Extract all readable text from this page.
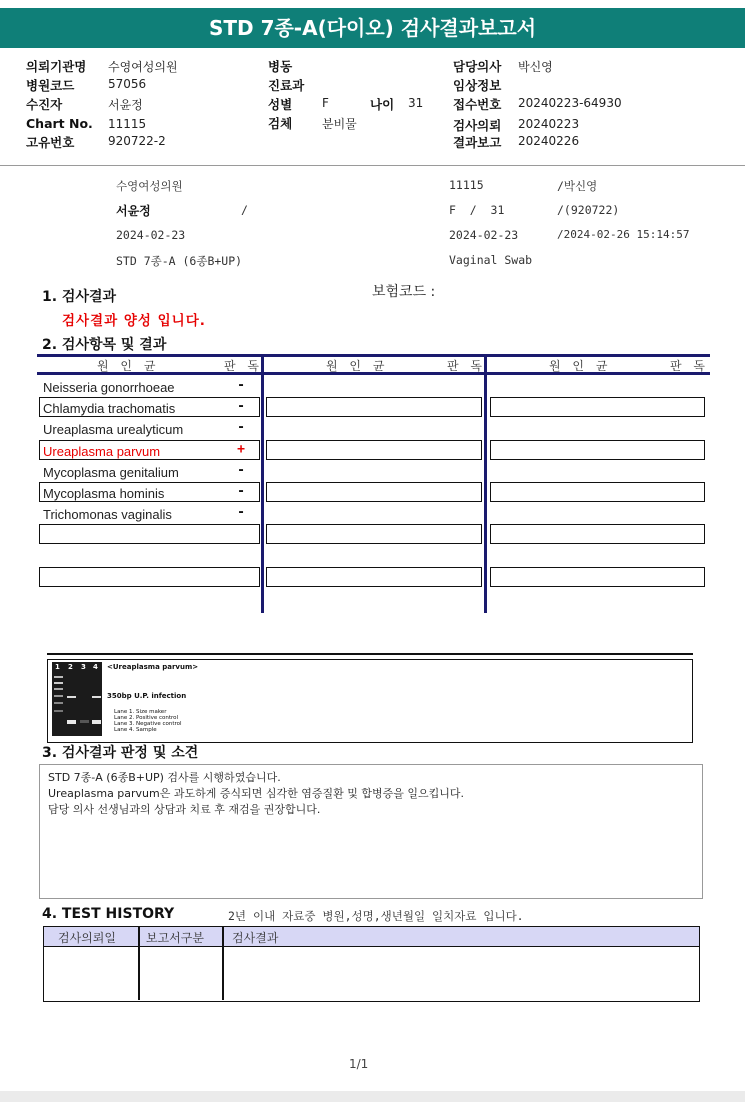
STD 7종-A(다이오) 검사결과보고서
의뢰기관명 수영여성의원
병원코드	57056
수진자	서윤정
Chart No. 11115
고유번호	920722-2
병동
진료과
성별 F	나이 31
검체 분비물
담당의사 박신영
임상정보
접수번호 20240223-64930
검사의뢰 20240223
결과보고 20240226
수영여성의원	11115	/박신영
서윤정	/	F  /  31	/(920722)
2024-02-23	2024-02-23	/2024-02-26 15:14:57
STD 7종-A (6종B+UP)	Vaginal Swab
1. 검사결과	보험코드 :
검사결과 양성 입니다.
2. 검사항목 및 결과
원 인 균	판 독	원 인 균	판 독	원 인 균	판 독
Neisseria gonorrhoeae	-
Chlamydia trachomatis	-
Ureaplasma urealyticum	-
Ureaplasma parvum	+
Mycoplasma genitalium	-
Mycoplasma hominis	-
Trichomonas vaginalis	-
1 2 3 4 <Ureaplasma parvum>
350bp U.P. infection
Lane 1. Size maker
Lane 2. Positive control
Lane 3. Negative control
Lane 4. Sample
3. 검사결과 판정 및 소견
STD 7종-A (6종B+UP) 검사를 시행하였습니다.
Ureaplasma parvum은 과도하게 증식되면 심각한 염증질환 및 합병증을 일으킵니다.
담당 의사 선생님과의 상담과 치료 후 재검을 권장합니다.
4. TEST HISTORY	2년 이내 자료중 병원,성명,생년월일 일치자료 입니다.
검사의뢰일	보고서구분 검사결과
1/1
